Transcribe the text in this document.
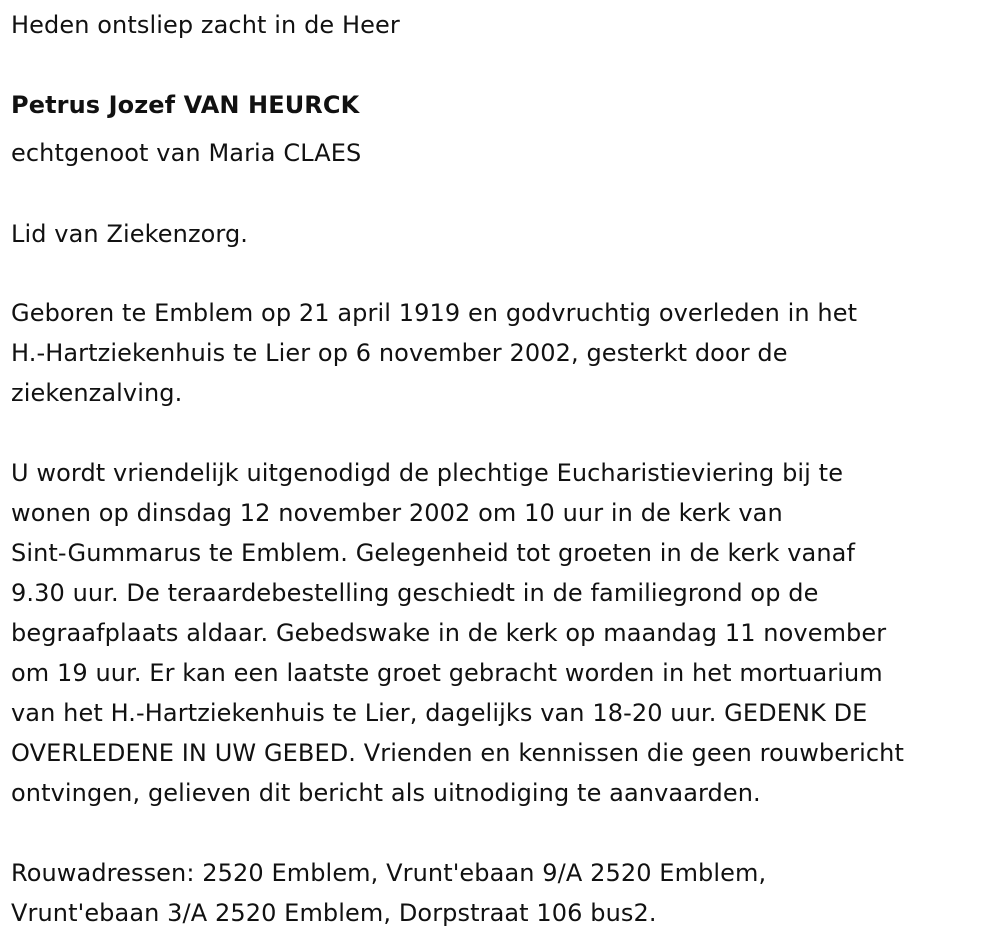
Heden ontsliep zacht in de Heer
Petrus Jozef VAN HEURCK
echtgenoot van Maria CLAES
Lid van Ziekenzorg.
Geboren te Emblem op 21 april 1919 en godvruchtig overleden in het
H.-Hartziekenhuis te Lier op 6 november 2002, gesterkt door de
ziekenzalving.
U wordt vriendelijk uitgenodigd de plechtige Eucharistieviering bij te
wonen op dinsdag 12 november 2002 om 10 uur in de kerk van
Sint-Gummarus te Emblem. Gelegenheid tot groeten in de kerk vanaf
9.30 uur. De teraardebestelling geschiedt in de familiegrond op de
begraafplaats aldaar. Gebedswake in de kerk op maandag 11 november
om 19 uur. Er kan een laatste groet gebracht worden in het mortuarium
van het H.-Hartziekenhuis te Lier, dagelijks van 18-20 uur. GEDENK DE
OVERLEDENE IN UW GEBED. Vrienden en kennissen die geen rouwbericht
ontvingen, gelieven dit bericht als uitnodiging te aanvaarden.
Rouwadressen: 2520 Emblem, Vrunt'ebaan 9/A 2520 Emblem,
Vrunt'ebaan 3/A 2520 Emblem, Dorpstraat 106 bus2.
